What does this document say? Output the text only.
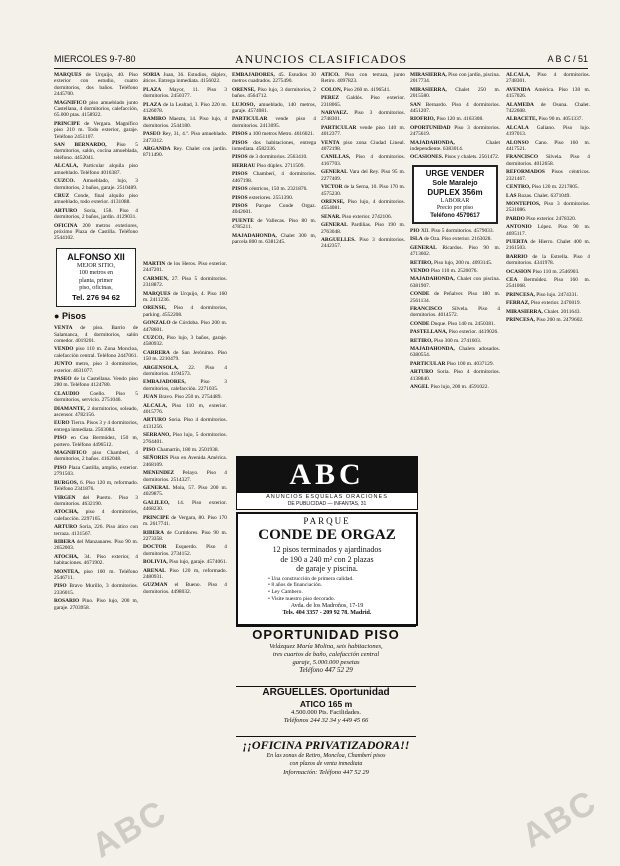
MIERCOLES 9-7-80	ANUNCIOS CLASIFICADOS	A B C / 51

MARQUES de Urquijo, 40. Piso exterior con estudio, cuatro dormitorios, dos baños. Teléfono 2445700.

MAGNIFICO piso amueblado junto Castellana, 4 dormitorios, calefacción, 65.000 ptas. 4158922.

PRINCIPE de Vergara. Magnífico piso 210 m. Todo exterior, garaje. Teléfono 2451107.

SAN BERNARDO, Piso 5 dormitorios, salón, cocina amueblada, teléfono. 4452041.

ALCALA, Particular alquila piso amueblado. Teléfono 4016387.

CUZCO. Amueblado, lujo, 3 dormitorios, 2 baños, garaje. 2510489.

CRUZ Conde, final alquilo piso amueblado, todo exterior. 4131088.

ARTURO Soria, 158. Piso 4 dormitorios, 2 baños, jardín. 4129031.

OFICINA 200 metros exteriores, próximo Plaza de Castilla. Teléfono 2544102.

ALFONSO XII
MEJOR SITIO,
100 metros en
planta, primer
piso, oficinas,
Tel. 276 94 62
● Pisos

VENTA de piso. Barrio de Salamanca, 4 dormitorios, salón comedor. 4019201.

VENDO piso 110 m. Zona Moncloa, calefacción central. Teléfono 2447061.

JUNTO metro, piso 3 dormitorios, exterior. 4631077.

PASEO de la Castellana. Vendo piso 280 m. Teléfono 4124780.

CLAUDIO Coello. Piso 5 dormitorios, servicio. 2751046.

DIAMANTE, 2 dormitorios, soleado, ascensor. 4782156.

EURO Tierra. Pisos 3 y 4 dormitorios, entrega inmediata. 2563084.

PISO en Cea Bermúdez, 150 m, portero. Teléfono 4496512.

MAGNIFICO piso Chamberí, 4 dormitorios, 2 baños. 4162048.

PISO Plaza Castilla, amplio, exterior. 2791503.

BURGOS, 6. Piso 120 m, reformado. Teléfono 2341876.

VIRGEN del Puerto. Piso 3 dormitorios. 4632190.

ATOCHA, piso 4 dormitorios, calefacción. 2297165.

ARTURO Soria, 226. Piso ático con terraza. 4131567.

RIBERA del Manzanares. Piso 90 m. 2652003.

ATOCHA, 34. Piso exterior, 4 habitaciones. 4671902.

MONTEA, piso 100 m. Teléfono 2546711.

PISO Bravo Murillo, 3 dormitorios. 2336015.

ROSARIO Pino. Piso lujo, 200 m, garaje. 2703958.

SORIA Juan, 36. Estudios, dúplex, áticos. Entrega inmediata. 4156022.

PLAZA Mayor, 11. Piso 3 dormitorios. 2450377.

PLAZA de la Lealtad, 3. Piso 220 m. 4126078.

RAMIRO Maeztu, 14. Piso lujo, 4 dormitorios. 2544180.

PASEO Rey, 31, 4.º. Piso amueblado. 2473312.

ARGANDA Rey. Chalet con jardín. 8711490.

MARTIN de los Heros. Piso exterior. 2447201.

CARMEN, 27. Piso 5 dormitorios. 2318872.

MARQUES de Urquijo, 4. Piso 160 m. 2411236.

ORENSE, Piso 4 dormitorios, parking. 4552208.

GONZALO de Córdoba. Piso 200 m. 4478601.

CUZCO, Piso lujo, 3 baños, garaje. 4580932.

CARRERA de San Jerónimo. Piso 150 m. 2210479.

ARGENSOLA, 22. Piso 4 dormitorios. 4194573.

EMBAJADORES,	Piso 3 dormitorios, calefacción. 2271035.

JUAN Bravo. Piso 250 m. 2754489.

ALCALA, Piso 110 m, exterior. 4015776.

ARTURO Soria. Piso 4 dormitorios. 4131256.

SERRANO, Piso lujo, 5 dormitorios. 2764401.

PISO Chamartín, 180 m. 2501938.

SEÑORES Piso en Avenida América. 2468109.

MENENDEZ Pelayo. Piso 4 dormitorios. 2514327.

GENERAL Mola, 57. Piso 200 m. 4029875.

GALILEO, 14. Piso exterior. 4468230.

PRINCIPE de Vergara, 80. Piso 170 m. 2617741.

RIBERA de Curtidores. Piso 90 m. 2273358.

DOCTOR Esquerdo. Piso 4 dormitorios. 2734152.

BOLIVIA, Piso lujo, garaje. 4574061.

ARENAL Piso 120 m, reformado. 2480931.

GUZMAN el Bueno. Piso 4 dormitorios. 4498032.

EMBAJADORES, 45. Estudios 30 metros cuadrados. 2275490.

ORENSE, Piso lujo, 3 dormitorios, 2 baños. 4564712.

LUJOSO, amueblado, 140 metros, garaje. 4574081.

PARTICULAR vende piso 4 dormitorios. 2413095.

PISOS a 100 metros Metro. 4616021.

PISOS dos habitaciones, entrega inmediata. 4582336.

PISOS de 3 dormitorios. 2563410.

HERRAU Piso dúplex. 2711509.

PISOS Chamberí, 4 dormitorios. 4467198.

PISOS céntricos, 150 m. 2321876.

PISOS exteriores. 2551390.

PISOS Parque Conde Orgaz. 4042601.

PUENTE de Vallecas. Piso 80 m. 4785211.

MAJADAHONDA, Chalet 300 m, parcela 800 m. 6381245.

ATICO. Piso con terraza, junto Retiro. 4097823.

COLON, Piso 260 m. 4196541.

PEREZ Galdós. Piso exterior. 2318065.

NARVAEZ. Piso 3 dormitorios. 2748301.

PARTICULAR vende piso 140 m. 4012377.

VENTA piso zona Ciudad Lineal. 4072198.

CANILLAS, Piso 4 dormitorios. 4167703.

GENERAL Vara del Rey. Piso 95 m. 2277409.

VICTOR de la Serna, 10. Piso 170 m. 4575230.

ORENSE, Piso lujo, 4 dormitorios. 4554081.

SENAR. Piso exterior. 2742106.

GENERAL Pardiñas. Piso 190 m. 2763048.

ARGUELLES. Piso 3 dormitorios. 2442357.

MIRASIERRA, Piso con jardín, piscina. 2017734.

MIRASIERRA, Chalet 250 m. 2015580.

SAN Bernardo. Piso 4 dormitorios. 4451207.

RIOFRIO, Piso 120 m. 4163308.

OPORTUNIDAD Piso 3 dormitorios. 2475619.

MAJADAHONDA,	Chalet independiente. 6383014.

OCASIONES. Pisos y chalets. 2561472.

URGE VENDER
Sole Maralejo
DUPLEX 356m
LABORAR
Precio por piso
Teléfono 4579617

PIO XII. Piso 5 dormitorios. 4579033.

ISLA de Oza. Piso exterior. 2163028.

GENERAL Ricardos. Piso 90 m. 4713602.

RETIRO, Piso lujo, 200 m. 4093145.

VENDO Piso 110 m. 2520076.

MAJADAHONDA, Chalet con piscina. 6381907.

CONDE de Peñalver. Piso 180 m. 2561134.

FRANCISCO Silvela. Piso 4 dormitorios. 4014572.

CONDE Duque. Piso 140 m. 2450381.

PASTELLANA, Piso exterior. 4419026.

RETIRO, Piso 300 m. 2741603.

MAJADAHONDA, Chalets adosados. 6380554.

PARTICULAR Piso 100 m. 4037129.

ARTURO Soria. Piso 4 dormitorios. 4138840.

ANGEL Piso lujo, 200 m. 4591022.

ALCALA, Piso 4 dormitorios. 2748301.

AVENIDA América. Piso 130 m. 4157026.

ALAMEDA de Osuna. Chalet. 7422608.

ALBACETE, Piso 90 m. 4051337.

ALCALA Galiano. Piso lujo. 4197013.

ALONSO Cano. Piso 160 m. 4417521.

FRANCISCO Silvela. Piso 4 dormitorios. 4012658.

REFORMADOS Pisos céntricos. 2321467.

CENTRO, Piso 120 m. 2217805.

LAS Rozas. Chalet. 6371049.

MONTEPIOS, Piso 3 dormitorios. 2531086.

PARDO Piso exterior. 2478320.

ANTONIO López. Piso 90 m. 4695117.

PUERTA de Hierro. Chalet 400 m. 2161503.

BARRIO de la Estrella. Piso 4 dormitorios. 4341978.

OCASION Piso 110 m. 2546903.

CEA Bermúdez. Piso 160 m. 2541068.

PRINCESA, Piso lujo. 2474331.

FERRAZ, Piso exterior. 2476019.

MIRASIERRA, Chalet. 2011643.

PRINCESA, Piso 200 m. 2479602.

ABC
ANUNCIOS ESQUELAS ORACIONES
DE PUBLICIDAD — INFANTAS, 31
PARQUE
CONDE DE ORGAZ
12 pisos terminados y ajardinados
de 190 a 240 m² con 2 plazas
de garaje y piscina.
• Una construcción de primera calidad.
• 8 años de financiación.
• Ley Cambero.
• Visite nuestro piso decorado.
Avda. de los Madroños, 17-19
Tels. 404 3357 - 209 92 78. Madrid.
OPORTUNIDAD PISO
Velázquez María Molina, seis habitaciones,
tres cuartos de baño, calefacción central
garaje, 5.000.000 pesetas
Teléfono 447 52 29
ARGUELLES. Oportunidad
ATICO 165 m
4.500.000 Pts. Facilidades.
Teléfonos 244 32 34 y 449 45 66
¡¡OFICINA PRIVATIZADORA!!
En las zonas de Retiro, Moncloa, Chamberí pisos
con plazos de venta inmediata
Información: Teléfono 447 52 29
ABC	ABC
